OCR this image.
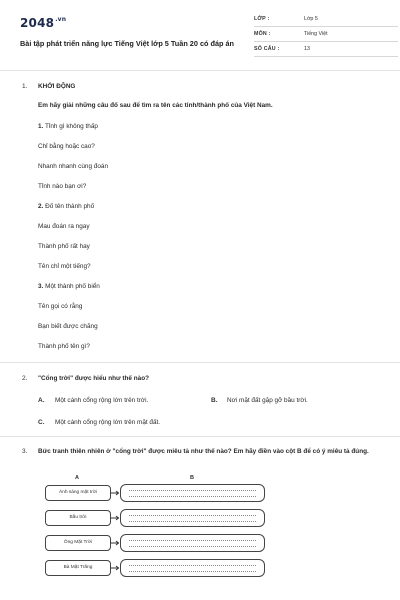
$2048^{.vn}$
Bài tập phát triển năng lực Tiếng Việt lớp 5 Tuần 20 có đáp án
LỚP :	Lớp 5
MÔN :	Tiếng Việt
SỐ CÂU :	13
1. KHỞI ĐỘNG
Em hãy giải những câu đố sau để tìm ra tên các tỉnh/thành phố của Việt Nam.
1. Tỉnh gì không thấp
Chỉ bằng hoặc cao?
Nhanh nhanh cùng đoán
Tỉnh nào bạn ơi?
2. Đố tên thành phố
Mau đoán ra ngay
Thành phố rất hay
Tên chỉ một tiếng?
3. Một thành phố biển
Tên gọi có rằng
Bạn biết được chăng
Thành phố tên gì?
2. "Cổng trời" được hiểu như thế nào?
A. Một cánh cổng rộng lớn trên trời.	B. Nơi mặt đất gặp gỡ bầu trời.
C. Một cánh cổng rộng lớn trên mặt đất.
3. Bức tranh thiên nhiên ở "cổng trời" được miêu tả như thế nào? Em hãy điền vào cột B để có ý miêu tả đúng.
A	B
Ánh sáng mặt trời
Bầu trời
Ông Mặt Trời
Bà Mặt Trăng
